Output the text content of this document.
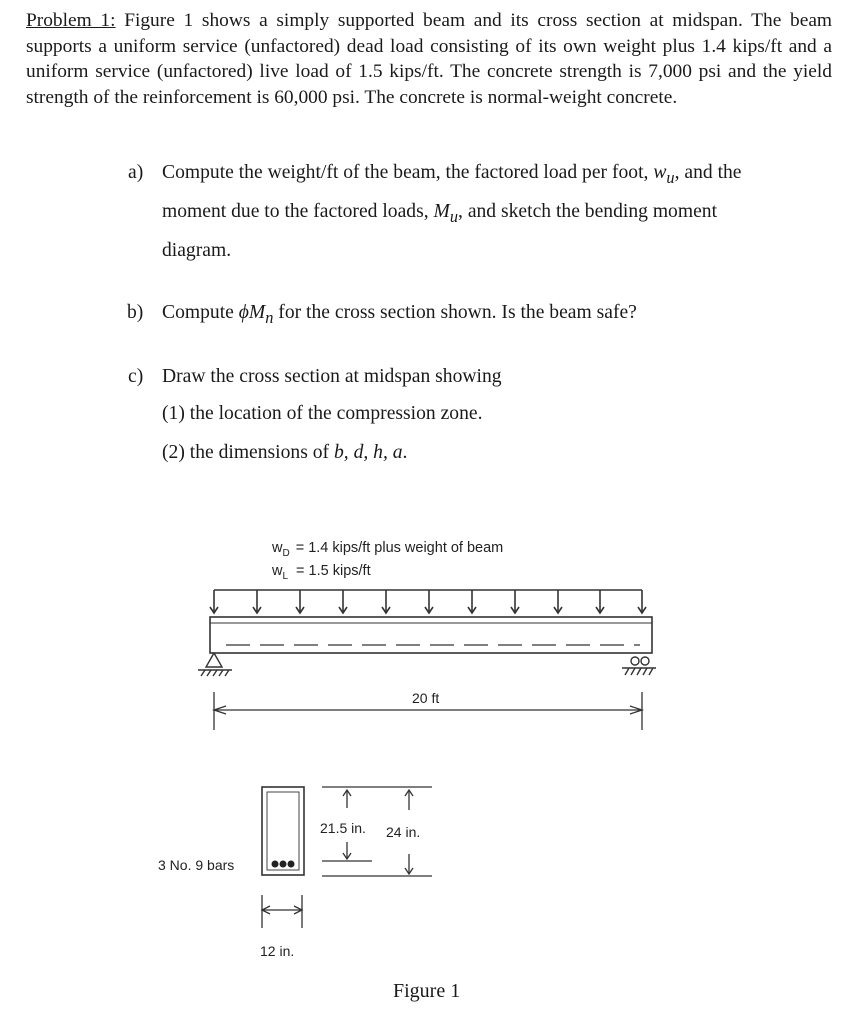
Problem 1: Figure 1 shows a simply supported beam and its cross section at midspan. The beam supports a uniform service (unfactored) dead load consisting of its own weight plus 1.4 kips/ft and a uniform service (unfactored) live load of 1.5 kips/ft. The concrete strength is 7,000 psi and the yield strength of the reinforcement is 60,000 psi. The concrete is normal-weight concrete.
a) Compute the weight/ft of the beam, the factored load per foot, $w_u$, and the
moment due to the factored loads, $M_u$, and sketch the bending moment
diagram.
b) Compute $\phi M_n$ for the cross section shown. Is the beam safe?
c) Draw the cross section at midspan showing
(1) the location of the compression zone.
(2) the dimensions of b, d, h, a.
$w_D = 1.4$ kips/ft plus weight of beam
$w_L = 1.5$ kips/ft
20 ft
3 No. 9 bars
21.5 in. 24 in.
12 in.
Figure 1
